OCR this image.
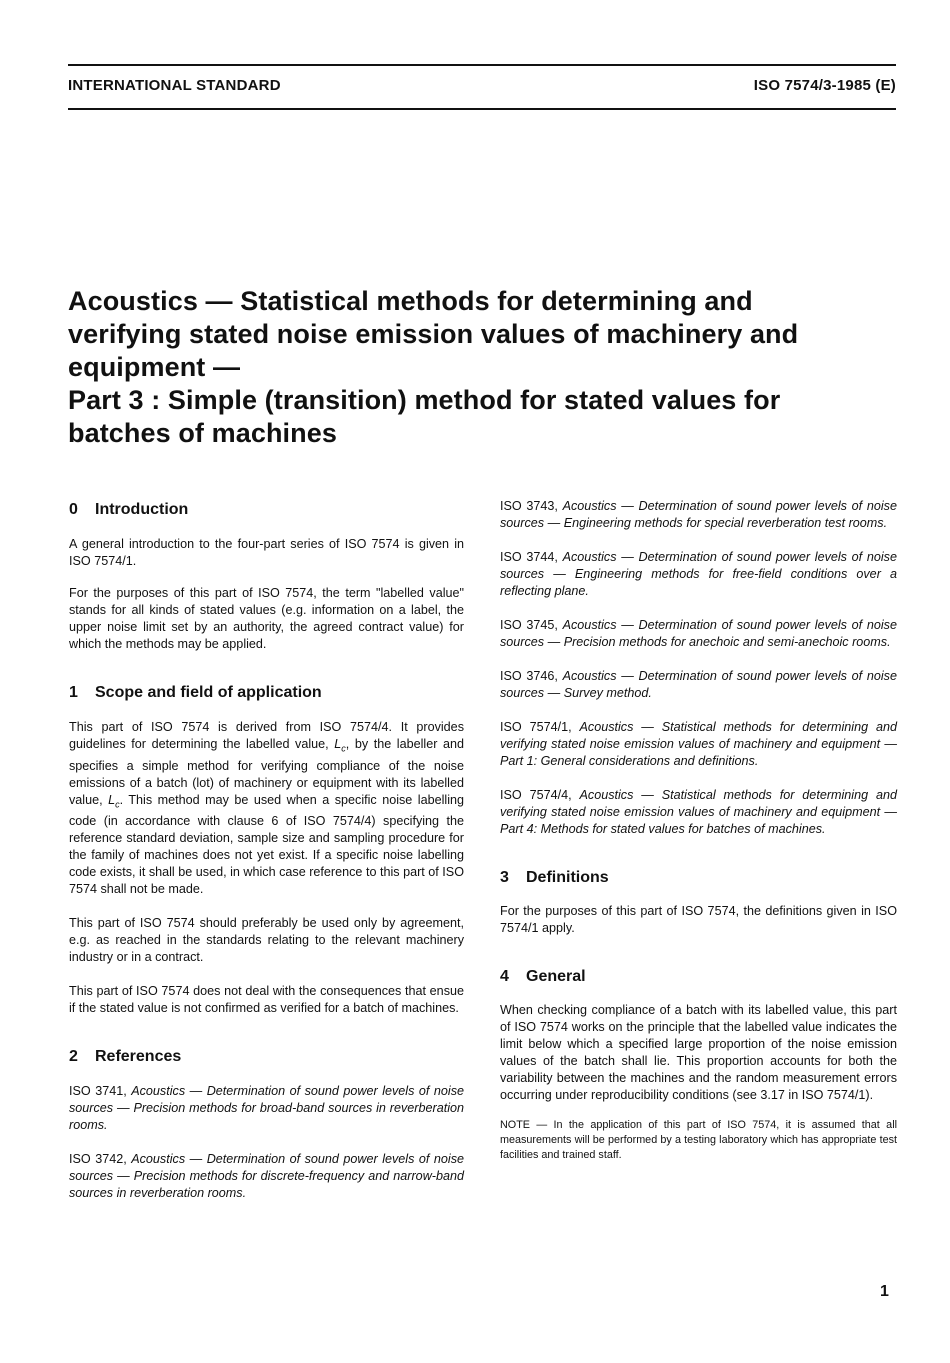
INTERNATIONAL STANDARD	ISO 7574/3-1985 (E)
Acoustics — Statistical methods for determining and
verifying stated noise emission values of machinery and
equipment —
Part 3 : Simple (transition) method for stated values for
batches of machines
0 Introduction

A general introduction to the four-part series of ISO 7574 is given in ISO 7574/1.

For the purposes of this part of ISO 7574, the term "labelled value" stands for all kinds of stated values (e.g. information on a label, the upper noise limit set by an authority, the agreed contract value) for which the methods may be applied.

1 Scope and field of application

This part of ISO 7574 is derived from ISO 7574/4. It provides guidelines for determining the labelled value, $L_c$, by the labeller and specifies a simple method for verifying compliance of the noise emissions of a batch (lot) of machinery or equipment with its labelled value, $L_c$. This method may be used when a specific noise labelling code (in accordance with clause 6 of ISO 7574/4) specifying the reference standard deviation, sample size and sampling procedure for the family of machines does not yet exist. If a specific noise labelling code exists, it shall be used, in which case reference to this part of ISO 7574 shall not be made.

This part of ISO 7574 should preferably be used only by agreement, e.g. as reached in the standards relating to the relevant machinery industry or in a contract.

This part of ISO 7574 does not deal with the consequences that ensue if the stated value is not confirmed as verified for a batch of machines.

2 References

ISO 3741, Acoustics — Determination of sound power levels of noise sources — Precision methods for broad-band sources in reverberation rooms.

ISO 3742, Acoustics — Determination of sound power levels of noise sources — Precision methods for discrete-frequency and narrow-band sources in reverberation rooms.

ISO 3743, Acoustics — Determination of sound power levels of noise sources — Engineering methods for special reverberation test rooms.

ISO 3744, Acoustics — Determination of sound power levels of noise sources — Engineering methods for free-field conditions over a reflecting plane.

ISO 3745, Acoustics — Determination of sound power levels of noise sources — Precision methods for anechoic and semi-anechoic rooms.

ISO 3746, Acoustics — Determination of sound power levels of noise sources — Survey method.

ISO 7574/1, Acoustics — Statistical methods for determining and verifying stated noise emission values of machinery and equipment — Part 1: General considerations and definitions.

ISO 7574/4, Acoustics — Statistical methods for determining and verifying stated noise emission values of machinery and equipment — Part 4: Methods for stated values for batches of machines.

3 Definitions

For the purposes of this part of ISO 7574, the definitions given in ISO 7574/1 apply.

4 General

When checking compliance of a batch with its labelled value, this part of ISO 7574 works on the principle that the labelled value indicates the limit below which a specified large proportion of the noise emission values of the batch shall lie. This proportion accounts for both the variability between the machines and the random measurement errors occurring under reproducibility conditions (see 3.17 in ISO 7574/1).

NOTE — In the application of this part of ISO 7574, it is assumed that all measurements will be performed by a testing laboratory which has appropriate test facilities and trained staff.

1
